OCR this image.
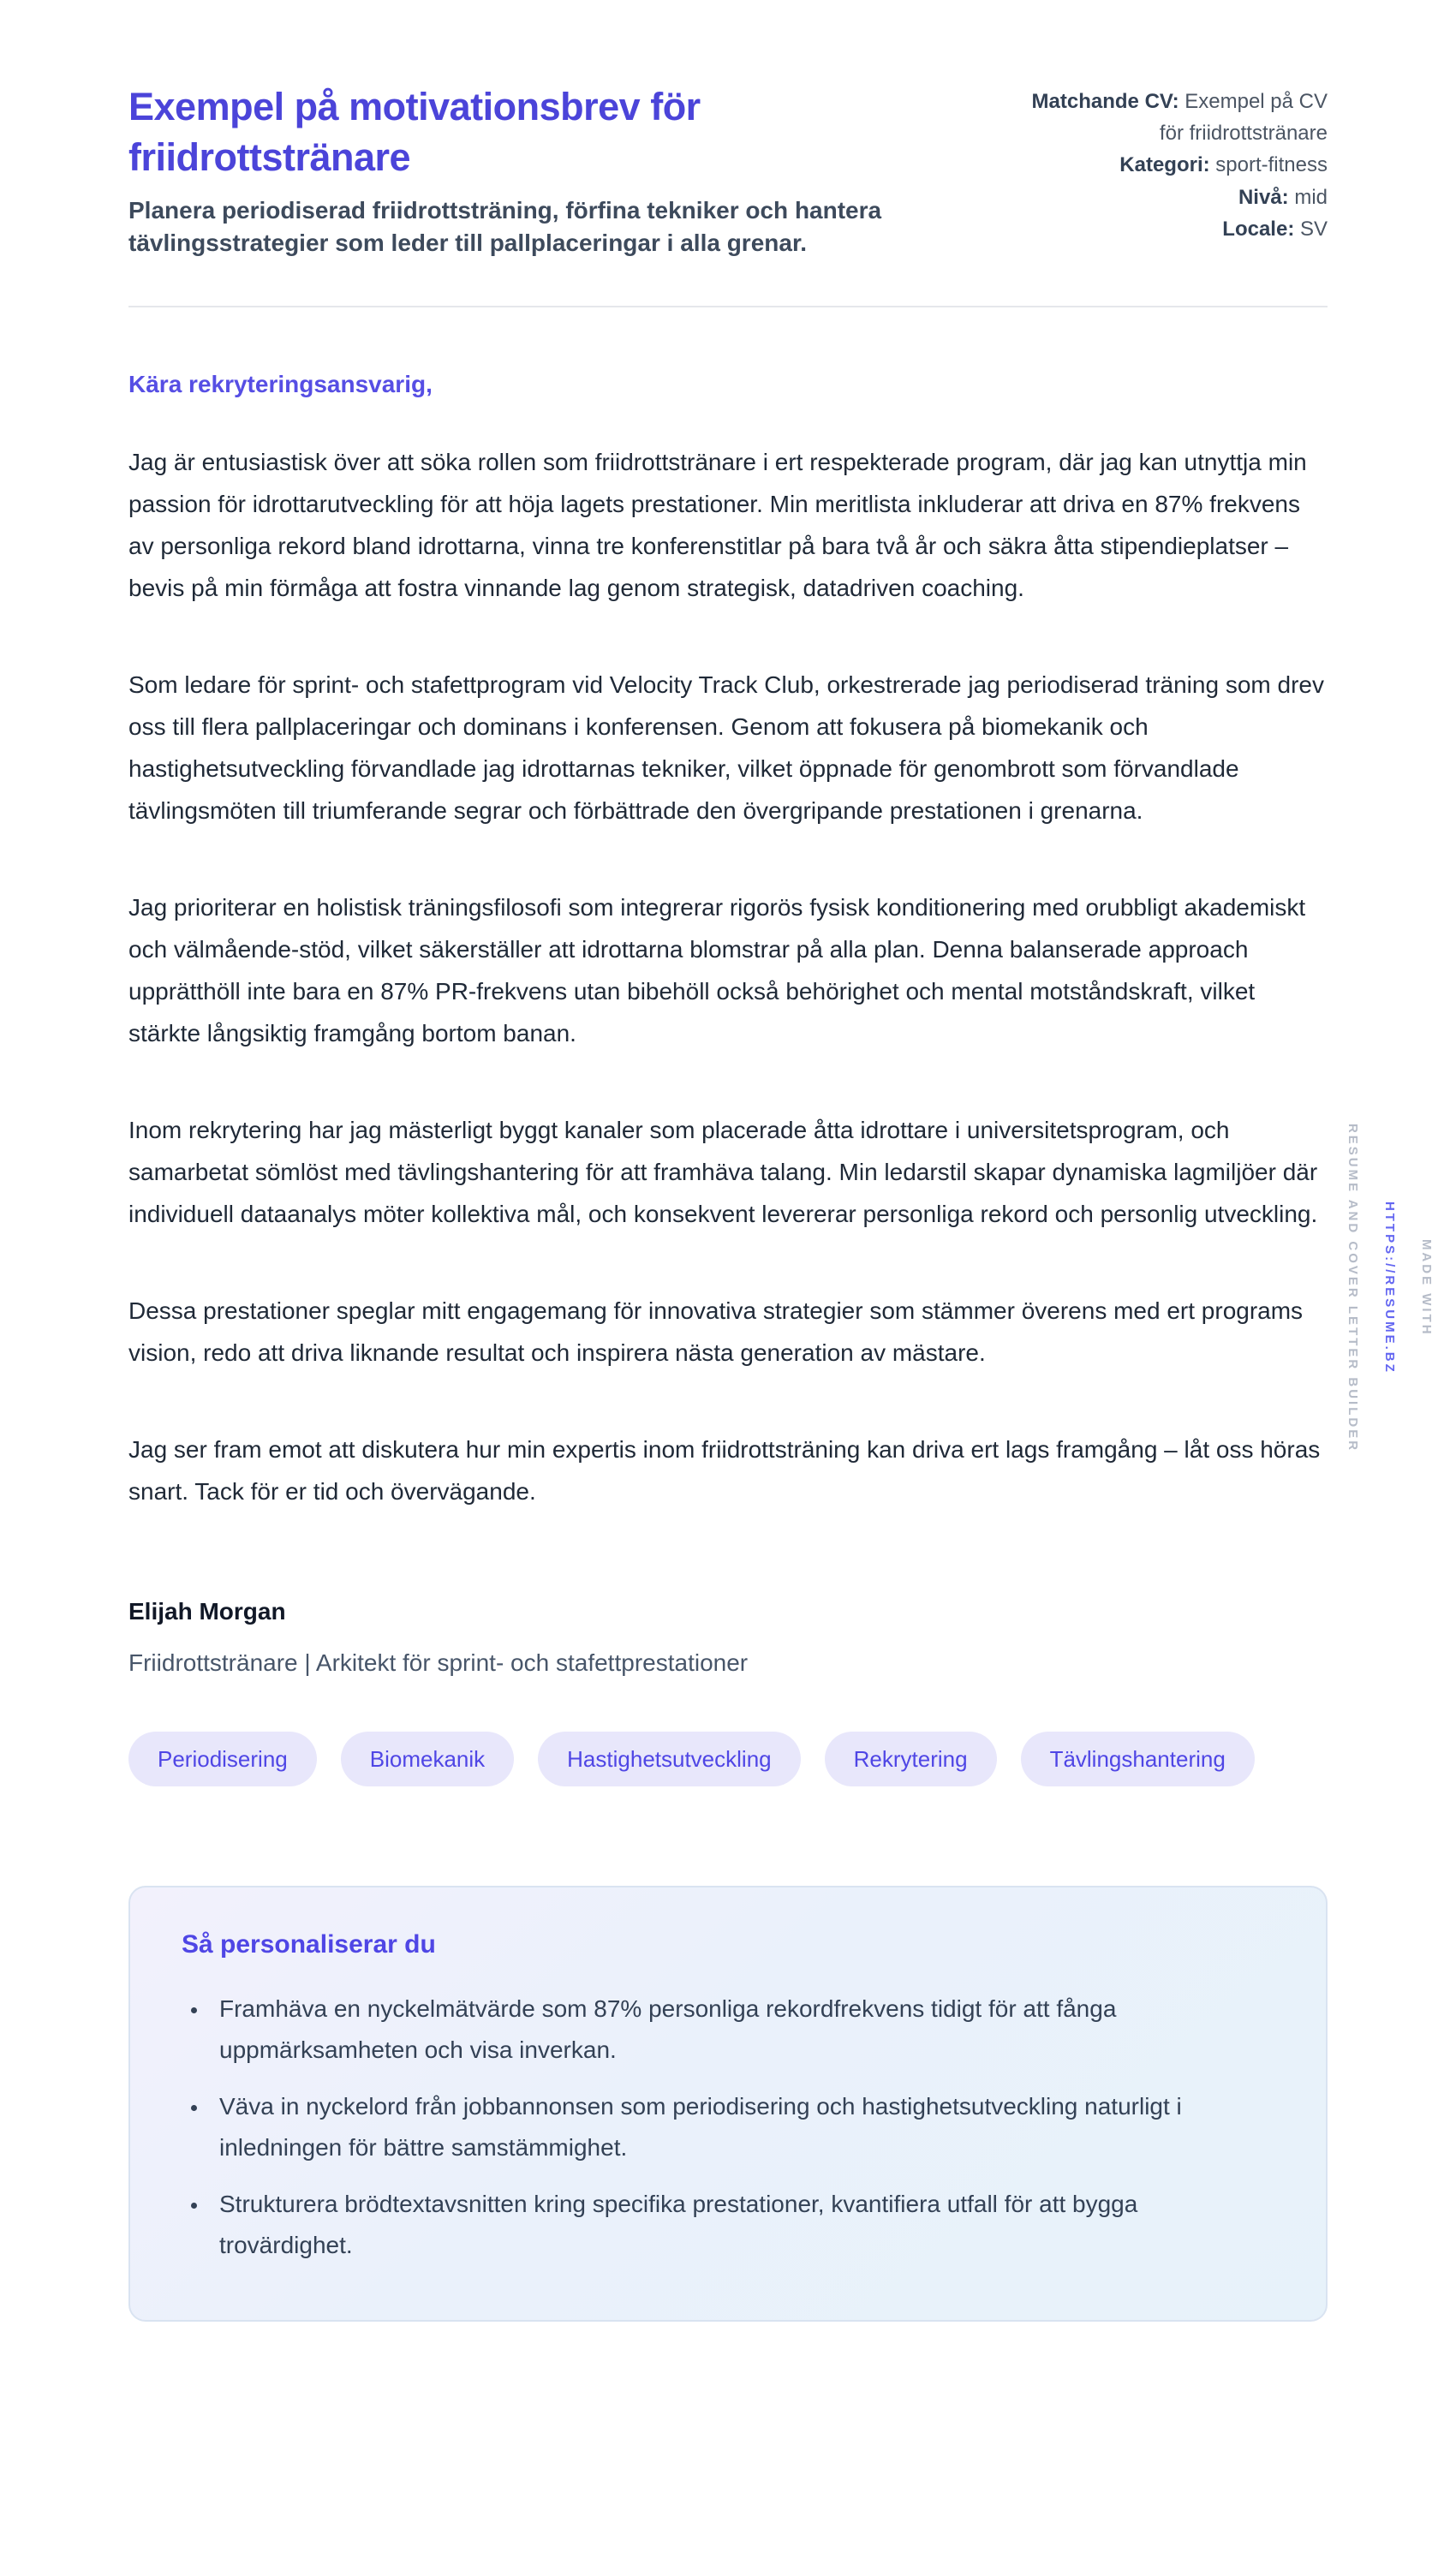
Exempel på motivationsbrev för friidrottstränare

Planera periodiserad friidrottsträning, förfina tekniker och hantera tävlingsstrategier som leder till pallplaceringar i alla grenar.

Matchande CV: Exempel på CV för friidrottstränare

Kategori: sport-fitness

Nivå: mid

Locale: SV

Kära rekryteringsansvarig,

Jag är entusiastisk över att söka rollen som friidrottstränare i ert respekterade program, där jag kan utnyttja min passion för idrottarutveckling för att höja lagets prestationer. Min meritlista inkluderar att driva en 87% frekvens av personliga rekord bland idrottarna, vinna tre konferenstitlar på bara två år och säkra åtta stipendieplatser – bevis på min förmåga att fostra vinnande lag genom strategisk, datadriven coaching.

Som ledare för sprint- och stafettprogram vid Velocity Track Club, orkestrerade jag periodiserad träning som drev oss till flera pallplaceringar och dominans i konferensen. Genom att fokusera på biomekanik och hastighetsutveckling förvandlade jag idrottarnas tekniker, vilket öppnade för genombrott som förvandlade tävlingsmöten till triumferande segrar och förbättrade den övergripande prestationen i grenarna.

Jag prioriterar en holistisk träningsfilosofi som integrerar rigorös fysisk konditionering med orubbligt akademiskt och välmående-stöd, vilket säkerställer att idrottarna blomstrar på alla plan. Denna balanserade approach upprätthöll inte bara en 87% PR-frekvens utan bibehöll också behörighet och mental motståndskraft, vilket stärkte långsiktig framgång bortom banan.

Inom rekrytering har jag mästerligt byggt kanaler som placerade åtta idrottare i universitetsprogram, och samarbetat sömlöst med tävlingshantering för att framhäva talang. Min ledarstil skapar dynamiska lagmiljöer där individuell dataanalys möter kollektiva mål, och konsekvent levererar personliga rekord och personlig utveckling.

Dessa prestationer speglar mitt engagemang för innovativa strategier som stämmer överens med ert programs vision, redo att driva liknande resultat och inspirera nästa generation av mästare.

Jag ser fram emot att diskutera hur min expertis inom friidrottsträning kan driva ert lags framgång – låt oss höras snart. Tack för er tid och övervägande.

Elijah Morgan

Friidrottstränare | Arkitekt för sprint- och stafettprestationer

Periodisering	Biomekanik	Hastighetsutveckling	Rekrytering	Tävlingshantering
Så personaliserar du
• Framhäva en nyckelmätvärde som 87% personliga rekordfrekvens tidigt för att fånga uppmärksamheten och visa inverkan.
• Väva in nyckelord från jobbannonsen som periodisering och hastighetsutveckling naturligt i inledningen för bättre samstämmighet.
• Strukturera brödtextavsnitten kring specifika prestationer, kvantifiera utfall för att bygga trovärdighet.
MADE WITH
HTTPS://RESUME.BZ
RESUME AND COVER LETTER BUILDER
